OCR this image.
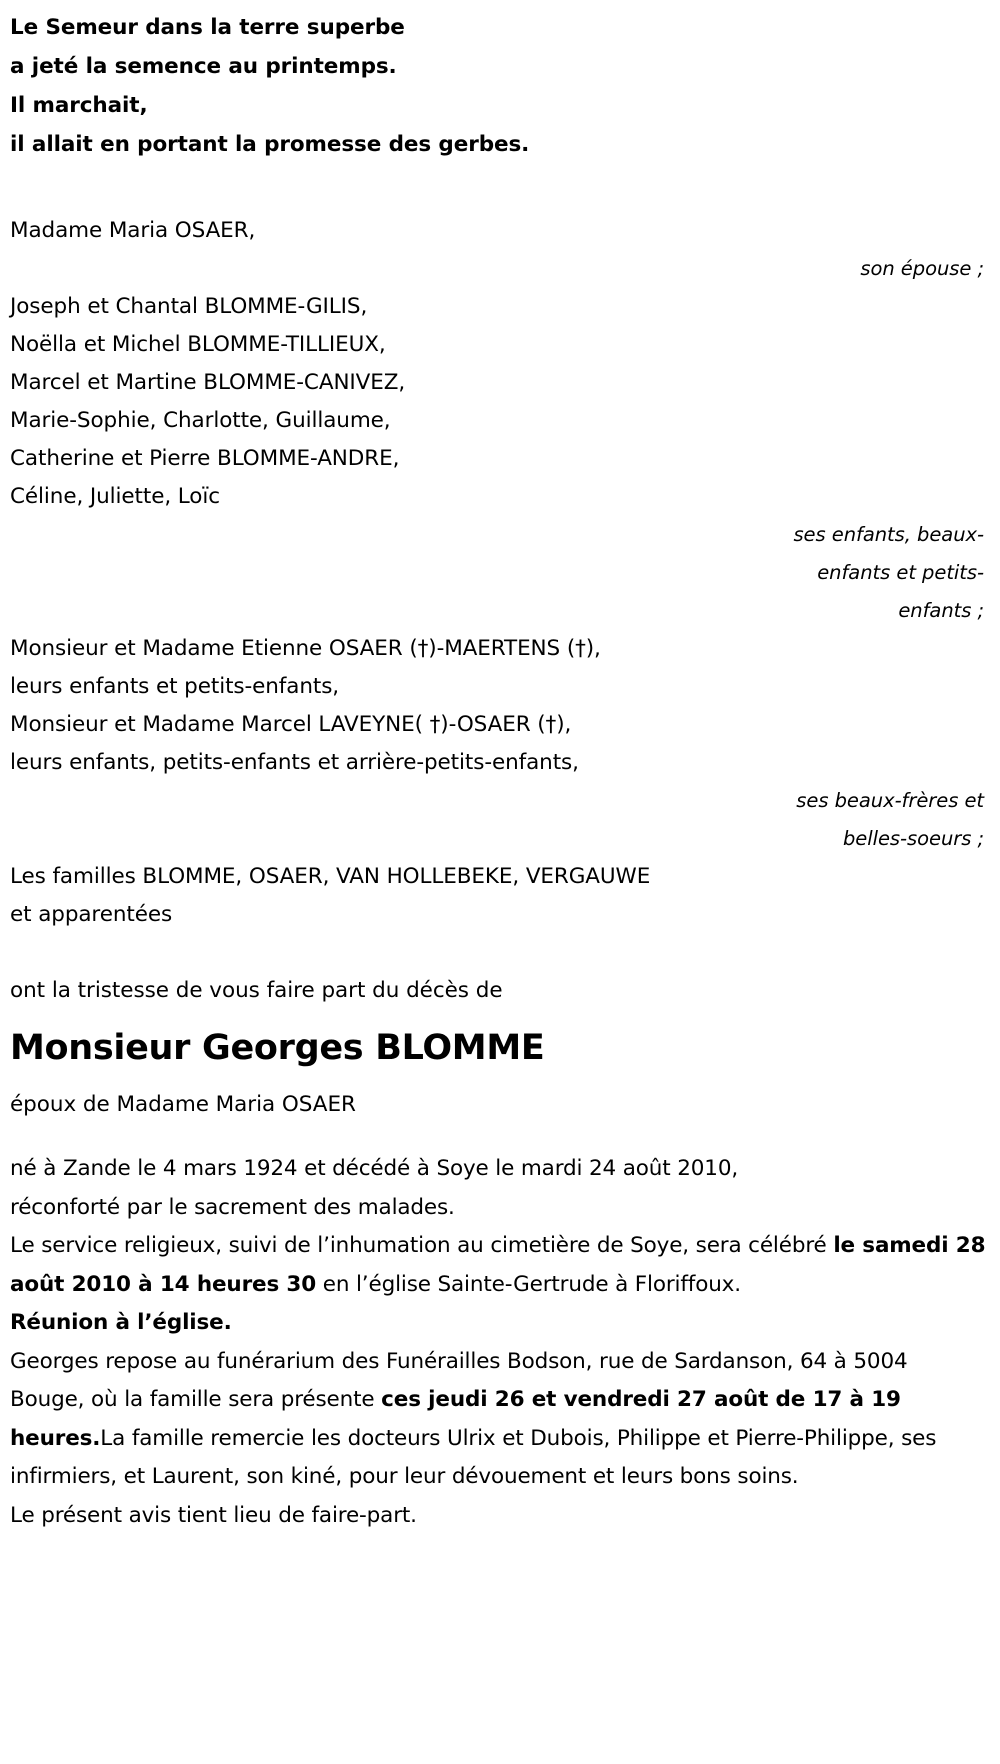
Le Semeur dans la terre superbe
a jeté la semence au printemps.
Il marchait,
il allait en portant la promesse des gerbes.
Madame Maria OSAER,
son épouse ;
Joseph et Chantal BLOMME-GILIS,
Noëlla et Michel BLOMME-TILLIEUX,
Marcel et Martine BLOMME-CANIVEZ,
Marie-Sophie, Charlotte, Guillaume,
Catherine et Pierre BLOMME-ANDRE,
Céline, Juliette, Loïc
ses enfants, beaux-
enfants et petits-
enfants ;
Monsieur et Madame Etienne OSAER (†)-MAERTENS (†),
leurs enfants et petits-enfants,
Monsieur et Madame Marcel LAVEYNE( †)-OSAER (†),
leurs enfants, petits-enfants et arrière-petits-enfants,
ses beaux-frères et
belles-soeurs ;
Les familles BLOMME, OSAER, VAN HOLLEBEKE, VERGAUWE
et apparentées
ont la tristesse de vous faire part du décès de
Monsieur Georges BLOMME
époux de Madame Maria OSAER
né à Zande le 4 mars 1924 et décédé à Soye le mardi 24 août 2010,
réconforté par le sacrement des malades.
Le service religieux, suivi de l’inhumation au cimetière de Soye, sera célébré le samedi 28 août 2010 à 14 heures 30 en l’église Sainte-Gertrude à Floriffoux.
Réunion à l’église.
Georges repose au funérarium des Funérailles Bodson, rue de Sardanson, 64 à 5004 Bouge, où la famille sera présente ces jeudi 26 et vendredi 27 août de 17 à 19 heures.La famille remercie les docteurs Ulrix et Dubois, Philippe et Pierre-Philippe, ses infirmiers, et Laurent, son kiné, pour leur dévouement et leurs bons soins.
Le présent avis tient lieu de faire-part.
